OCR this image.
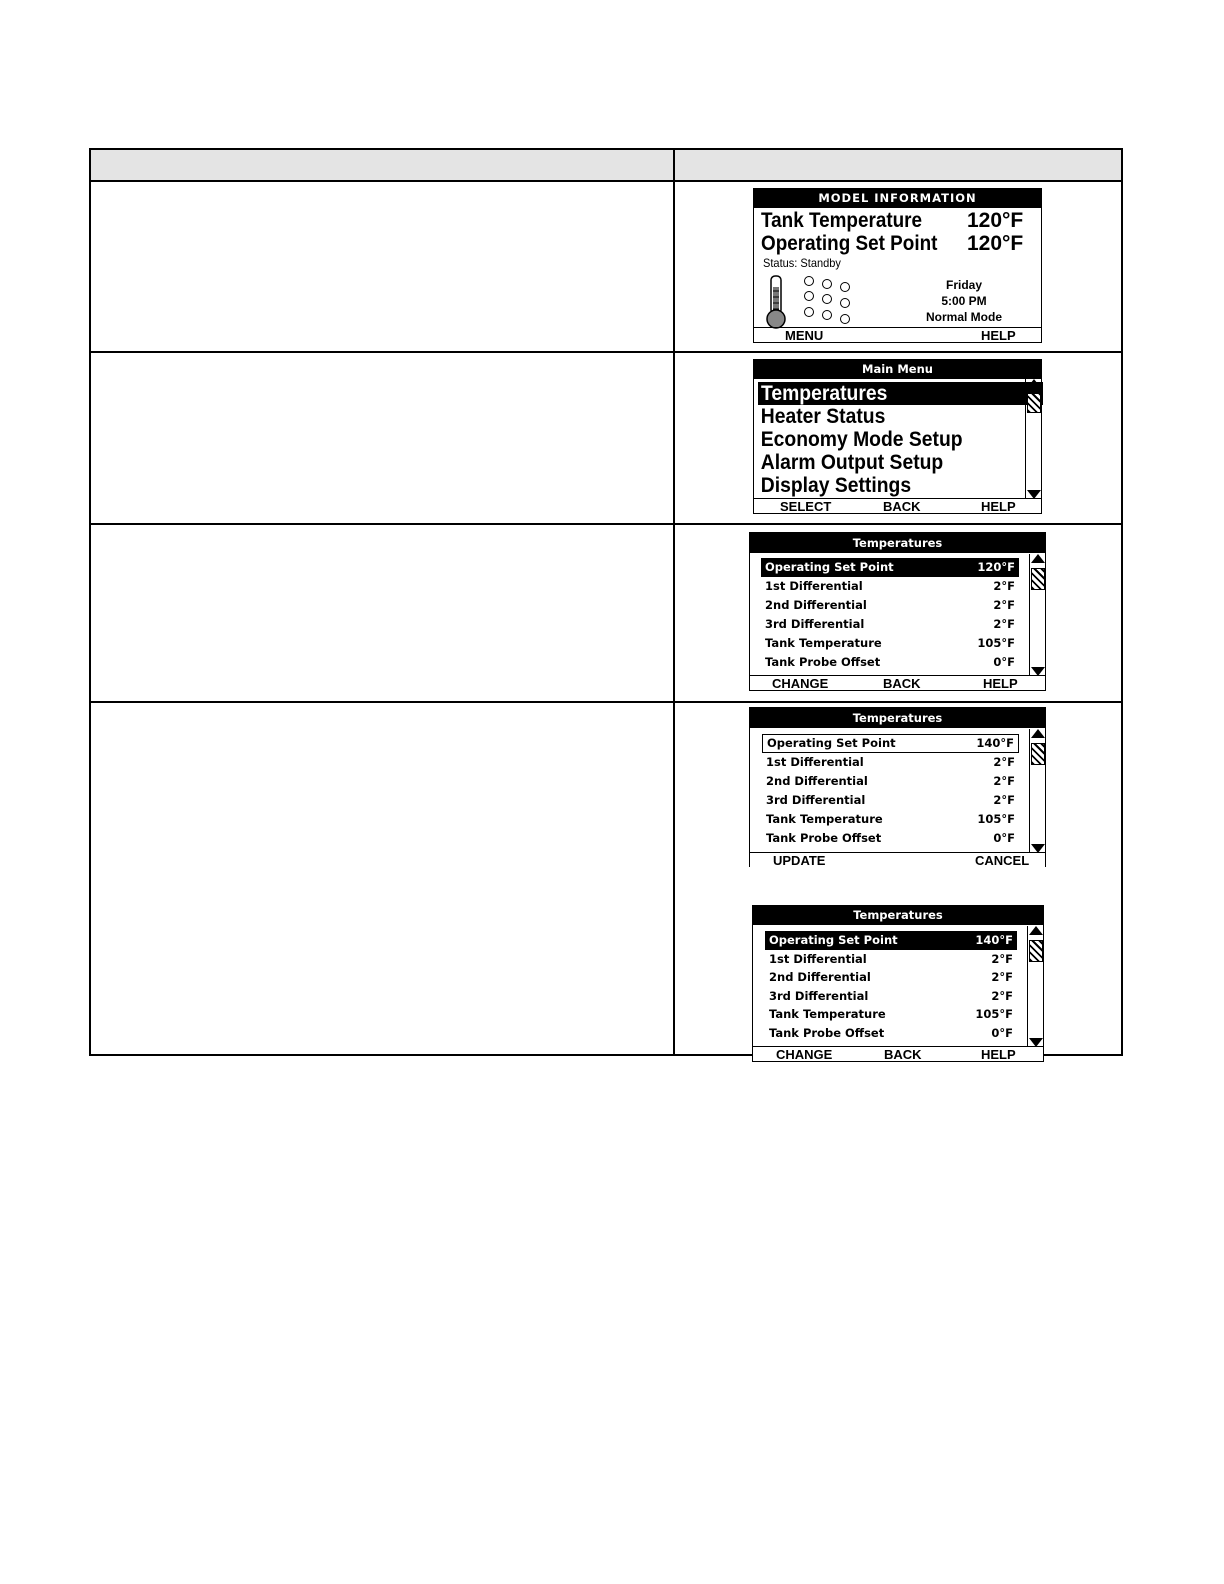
MODEL INFORMATION
Tank Temperature 120°F
Operating Set Point 120°F
Status: Standby
Friday
5:00 PM
Normal Mode
MENU	HELP
Main Menu
Temperatures
Heater Status
Economy Mode Setup
Alarm Output Setup
Display Settings
SELECT	BACK	HELP
Temperatures
Operating Set Point	120°F
1st Differential	2°F
2nd Differential	2°F
3rd Differential	2°F
Tank Temperature	105°F
Tank Probe Offset	0°F
CHANGE	BACK	HELP
Temperatures
Operating Set Point	140°F
1st Differential	2°F
2nd Differential	2°F
3rd Differential	2°F
Tank Temperature	105°F
Tank Probe Offset	0°F
UPDATE	CANCEL
Temperatures
Operating Set Point	140°F
1st Differential	2°F
2nd Differential	2°F
3rd Differential	2°F
Tank Temperature	105°F
Tank Probe Offset	0°F
CHANGE	BACK	HELP
